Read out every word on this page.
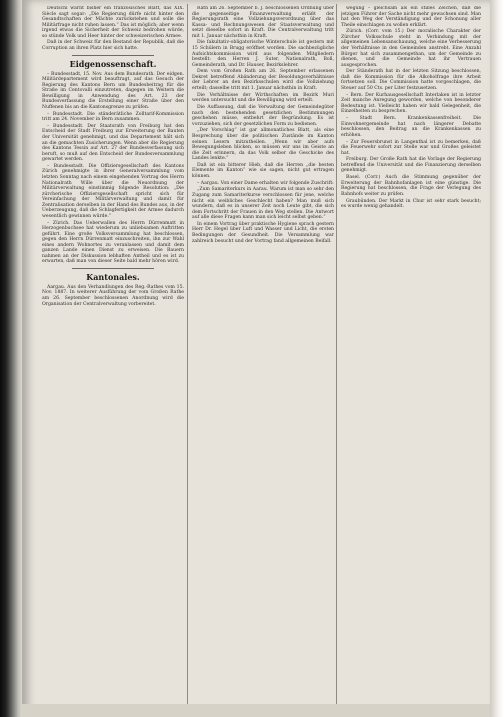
Deutschl warnt bisher ein französisches Blatt, das XIX. Siècle sagt sogar: „Die Regierung dürfe nicht hinter den Gesandtschaften der Mächte zurückstehen und solle die Militärfrage nicht ruhen lassen.“ Das ist möglich; aber wenn irgend etwas die Sicherheit der Schweiz bedrohen würde, so stünde Volk und Heer hinter der schweizerischen Armee.

Daß in der Schweiz für den Bestand der Republik, daß die Corruption an ihren Platz hier sich hatte.

Eidgenossenschaft.

– Bundesstadt, 15. Nov. Aus dem Bundesrath. Der eidgen. Militärdepartement wird beauftragt, auf das Gesuch der Regierung des Kantons Bern um Bundesbeitrag für die Straße im Centovalli einzutreten, dagegen im Weitern die Bewilligung in Anwendung des Art. 23 der Bundesverfassung die Erstellung einer Straße über den Nuffenen bis an die Kantonsgrenze zu prüfen.

– Bundesstadt. Die ständerätliche Zolltarif-Kommission tritt am 24. November in Bern zusammen.

– Bundesstadt. Der Staatsrath von Freiburg hat den Entscheid der Stadt Freiburg zur Erweiterung der Bauten der Universität genehmigt, und das Departement hält sich an die gemachten Zusicherungen. Wenn aber die Regierung des Kantons Tessin auf Art. 27 der Bundesverfassung sich beruft, so muß auf den Entscheid der Bundesversammlung gewartet werden.

– Bundesstadt. Die Offiziersgesellschaft des Kantons Zürich genehmigte in ihrer Generalversammlung vom letzten Sonntag nach einem eingehenden Vortrag des Herrn Nationalrath Wille über die Neuordnung der Militärverwaltung einstimmig folgende Resolution: „Die zürcherische Offiziersgesellschaft spricht sich für Vereinfachung der Militärverwaltung und damit für Zentralisation derselben in der Hand des Bundes aus, in der Ueberzeugung, daß die Schlagfertigkeit der Armee dadurch wesentlich gewinnen würde.“

– Zürich. Das Ueberwallen des Herrn Dürrenmatt in Herzogenbuchsee hat wiederum zu unliebsamen Auftritten geführt. Eine große Volksversammlung hat beschlossen, gegen den Herrn Dürrenmatt einzuschreiten, ihn zur Wahl eines andern Wohnortes zu veranlassen und damit dem ganzen Lande einen Dienst zu erweisen. Die Bauern nahmen an der Diskussion lebhaften Antheil und es ist zu erwarten, daß man von dieser Seite bald mehr hören wird.

Kantonales.

Aargau. Aus den Verhandlungen des Reg.-Rathes vom 15. Nov. 1887. In weiterer Ausführung der vom Großen Rathe am 26. September beschlossenen Anordnung wird die Organisation der Centralverwaltung vorbereitet.

Rath am 26. September b. J. beschlossenen Ordnung über die gegenseitige Finanzverwaltung erläßt der Regierungsrath eine Vollziehungsverordnung über das Kassa- und Rechnungswesen der Staatsverwaltung und setzt dieselbe sofort in Kraft. Die Centralverwaltung tritt mit 1. Januar nächsthin in Kraft.

Die fakultativ-obligatorische Winterschule ist gestern mit 15 Schülern in Brugg eröffnet worden. Die sachbezügliche Aufsichtskommission wird aus folgenden Mitgliedern bestellt: den Herren J. Suter, Nationalrath, Boll, Gemeinderath, und Dr. Hauser, Bezirkslehrer.

Dem vom Großen Rath am 26. September erlassenen Dekret betreffend Abänderung der Besoldungsverhältnisse der Lehrer an den Bezirksschulen wird die Vollziehung erteilt; dasselbe tritt mit 1. Januar nächsthin in Kraft.

Die Verhältnisse der Wirthschaften im Bezirk Muri werden untersucht und die Bewilligung wird erteilt.

Die Auffassung, daß die Verwaltung der Gemeindegüter nach den bestehenden gesetzlichen Bestimmungen geschehen müsse, entbehrt der Begründung. Es ist vorzuziehen, sich der gesetzlichen Form zu bedienen.

„Der Vorschlag“ ist gar allmonatliches Blatt, als eine Besprechung über die politischen Zustände im Kanton seinen Lesern mitzutheilen. „Wenn wir aber aufs Bewegungsleben blicken, so müssen wir uns im Geiste an die Zeit erinnern, da das Volk selber die Geschicke des Landes lenkte.“

Daß ist ein bitterer Hieb, daß die Herren „die besten Elemente im Kanton“ wie sie sagen, nicht gut ertragen können.

– Aargau. Von einer Dame erhalten wir folgende Zuschrift:

„Zum Samariterkurs in Aarau. Warum ist man so sehr den Zugang zum Samariterkurse verschlossen für jene, welche nicht ein weibliches Geschlecht haben? Man muß sich wundern, daß es in unserer Zeit noch Leute gibt, die sich dem Fortschritt der Frauen in den Weg stellen. Die Antwort auf alle diese Fragen kann man sich leicht selbst geben.“

In einem Vortrag über praktische Hygiene sprach gestern Herr Dr. Hegel über Luft und Wasser und Licht, die ersten Bedingungen der Gesundheit. Die Versammlung war zahlreich besucht und der Vortrag fand allgemeinen Beifall.

wegung – gleichsam als ein stilles Zeichen, daß die jetzigen Führer der Sache nicht mehr gewachsen sind. Man hat den Weg der Verständigung und der Schonung aller Theile einschlagen zu wollen erklärt.

Zürich. (Corr. vom 15.) Der moralische Charakter der Zürcher Volksschule steht in Verbindung mit der allgemeinen Lebensanschauung, welche eine Verbesserung der Verhältnisse in den Gemeinden anstrebt. Eine Anzahl Bürger hat sich zusammengethan, um der Gemeinde zu dienen, und die Gemeinde hat ihr Vertrauen ausgesprochen.

Der Ständerath hat in der letzten Sitzung beschlossen, daß die Kommission für die Alkoholfrage ihre Arbeit fortsetzen soll. Die Commission hatte vorgeschlagen, die Steuer auf 50 Cts. per Liter festzusetzen.

– Bern. Der Kurhausgesellschaft Interlaken ist in letzter Zeit manche Anregung geworden, welche von besonderer Bedeutung ist. Vielleicht haben wir bald Gelegenheit, die Einzelheiten zu besprechen.

– Stadt Bern. Krankenkassenfreiheit. Die Einwohnergemeinde hat nach längerer Debatte beschlossen, den Beitrag an die Krankenkassen zu erhöhen.

– Zur Feuersbrunst in Langenthal ist zu bemerken, daß die Feuerwehr sofort zur Stelle war und Großes geleistet hat.

Freiburg. Der Große Rath hat die Vorlage der Regierung betreffend die Universität und die Finanzierung derselben genehmigt.

Basel. (Corr.) Auch die Stimmung gegenüber der Erweiterung der Bahnhofanlagen ist eine günstige. Die Regierung hat beschlossen, die Frage der Verlegung des Bahnhofs weiter zu prüfen.

Graubünden. Der Markt in Chur ist sehr stark besucht; es wurde wenig gehandelt.
